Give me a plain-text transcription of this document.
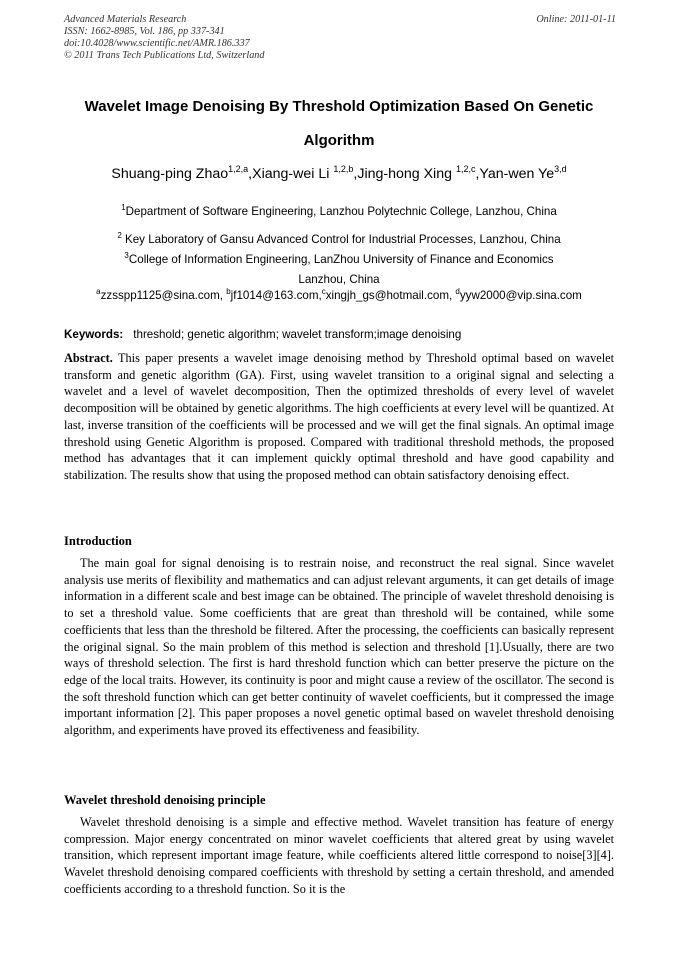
Advanced Materials Research
ISSN: 1662-8985, Vol. 186, pp 337-341
doi:10.4028/www.scientific.net/AMR.186.337
© 2011 Trans Tech Publications Ltd, Switzerland
Online: 2011-01-11
Wavelet Image Denoising By Threshold Optimization Based On Genetic
Algorithm
Shuang-ping Zhao$^{1,2,a}$,Xiang-wei Li $^{1,2,b}$,Jing-hong Xing $^{1,2,c}$,Yan-wen Ye$^{3,d}$
$^1$Department of Software Engineering, Lanzhou Polytechnic College, Lanzhou, China
$^2$ Key Laboratory of Gansu Advanced Control for Industrial Processes, Lanzhou, China
$^3$College of Information Engineering, LanZhou University of Finance and Economics
Lanzhou, China
$^a$zzsspp1125@sina.com, $^b$jf1014@163.com,$^c$xingjh_gs@hotmail.com, $^d$yyw2000@vip.sina.com
Keywords: threshold; genetic algorithm; wavelet transform;image denoising
Abstract. This paper presents a wavelet image denoising method by Threshold optimal based on wavelet transform and genetic algorithm (GA). First, using wavelet transition to a original signal and selecting a wavelet and a level of wavelet decomposition, Then the optimized thresholds of every level of wavelet decomposition will be obtained by genetic algorithms. The high coefficients at every level will be quantized. At last, inverse transition of the coefficients will be processed and we will get the final signals. An optimal image threshold using Genetic Algorithm is proposed. Compared with traditional threshold methods, the proposed method has advantages that it can implement quickly optimal threshold and have good capability and stabilization. The results show that using the proposed method can obtain satisfactory denoising effect.
Introduction
The main goal for signal denoising is to restrain noise, and reconstruct the real signal. Since wavelet analysis use merits of flexibility and mathematics and can adjust relevant arguments, it can get details of image information in a different scale and best image can be obtained. The principle of wavelet threshold denoising is to set a threshold value. Some coefficients that are great than threshold will be contained, while some coefficients that less than the threshold be filtered. After the processing, the coefficients can basically represent the original signal. So the main problem of this method is selection and threshold [1].Usually, there are two ways of threshold selection. The first is hard threshold function which can better preserve the picture on the edge of the local traits. However, its continuity is poor and might cause a review of the oscillator. The second is the soft threshold function which can get better continuity of wavelet coefficients, but it compressed the image important information [2]. This paper proposes a novel genetic optimal based on wavelet threshold denoising algorithm, and experiments have proved its effectiveness and feasibility.
Wavelet threshold denoising principle
Wavelet threshold denoising is a simple and effective method. Wavelet transition has feature of energy compression. Major energy concentrated on minor wavelet coefficients that altered great by using wavelet transition, which represent important image feature, while coefficients altered little correspond to noise[3][4]. Wavelet threshold denoising compared coefficients with threshold by setting a certain threshold, and amended coefficients according to a threshold function. So it is the
